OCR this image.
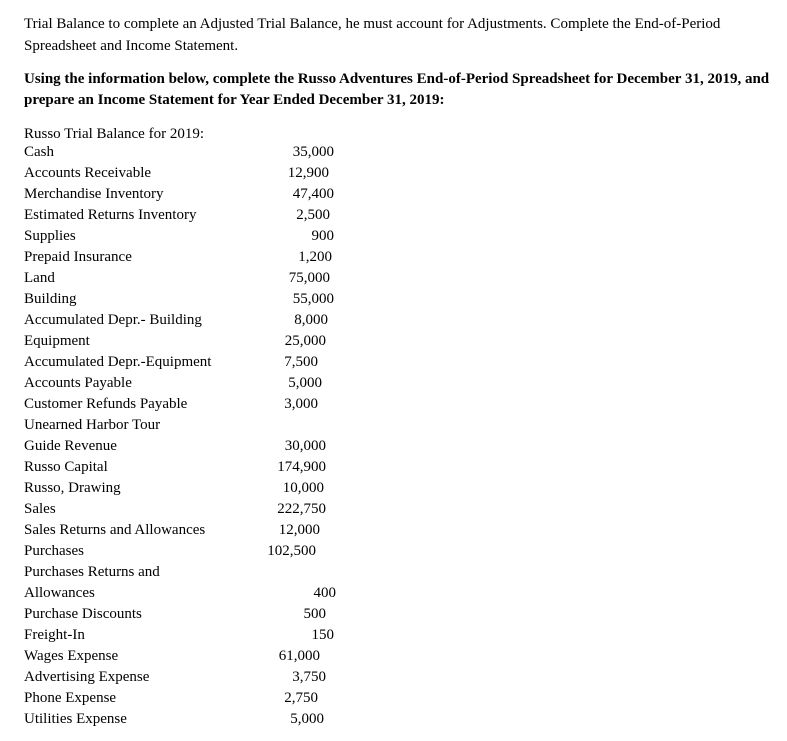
Trial Balance to complete an Adjusted Trial Balance, he must account for Adjustments. Complete the End-of-Period Spreadsheet and Income Statement.

Using the information below, complete the Russo Adventures End-of-Period Spreadsheet for December 31, 2019, and prepare an Income Statement for Year Ended December 31, 2019:

Russo Trial Balance for 2019:

Cash	35,000
Accounts Receivable	12,900
Merchandise Inventory	47,400
Estimated Returns Inventory	2,500
Supplies	900
Prepaid Insurance	1,200
Land	75,000
Building	55,000
Accumulated Depr.- Building	8,000
Equipment	25,000
Accumulated Depr.-Equipment	7,500
Accounts Payable	5,000
Customer Refunds Payable	3,000
Unearned Harbor Tour
Guide Revenue	30,000
Russo Capital	174,900
Russo, Drawing	10,000
Sales	222,750
Sales Returns and Allowances	12,000
Purchases	102,500
Purchases Returns and
Allowances	400
Purchase Discounts	500
Freight-In	150
Wages Expense	61,000
Advertising Expense	3,750
Phone Expense	2,750
Utilities Expense	5,000
